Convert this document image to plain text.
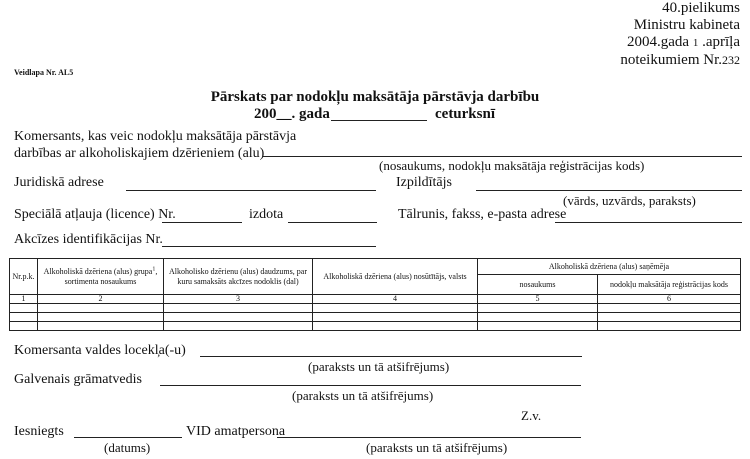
40.pielikums
Ministru kabineta
2004.gada 1 .aprīļa
noteikumiem Nr.232
Veidlapa Nr. AL5
Pārskats par nodokļu maksātāja pārstāvja darbību
200__. gada	ceturksnī
Komersants, kas veic nodokļu maksātāja pārstāvja
darbības ar alkoholiskajiem dzērieniem (alu)
(nosaukums, nodokļu maksātāja reģistrācijas kods)
Juridiskā adrese	Izpildītājs
(vārds, uzvārds, paraksts)
Speciālā atļauja (licence) Nr.	izdota	Tālrunis, fakss, e-pasta adrese
Akcīzes identifikācijas Nr.
Nr.p.k.	Alkoholiskā dzēriena (alus) grupa$^1$, sortimenta nosaukums	Alkoholisko dzērienu (alus) daudzums, par kuru samaksāts akcīzes nodoklis (dal)	Alkoholiskā dzēriena (alus) nosūtītājs, valsts	Alkoholiskā dzēriena (alus) saņēmēja	
				nosaukums	nodokļu maksātāja reģistrācijas kods
1	2	3	4	5	6

Komersanta valdes locekl̦a(-u)
(paraksts un tā atšifrējums)
Galvenais grāmatvedis
(paraksts un tā atšifrējums)
Z.v.
Iesniegts
(datums)
VID amatpersona
(paraksts un tā atšifrējums)
